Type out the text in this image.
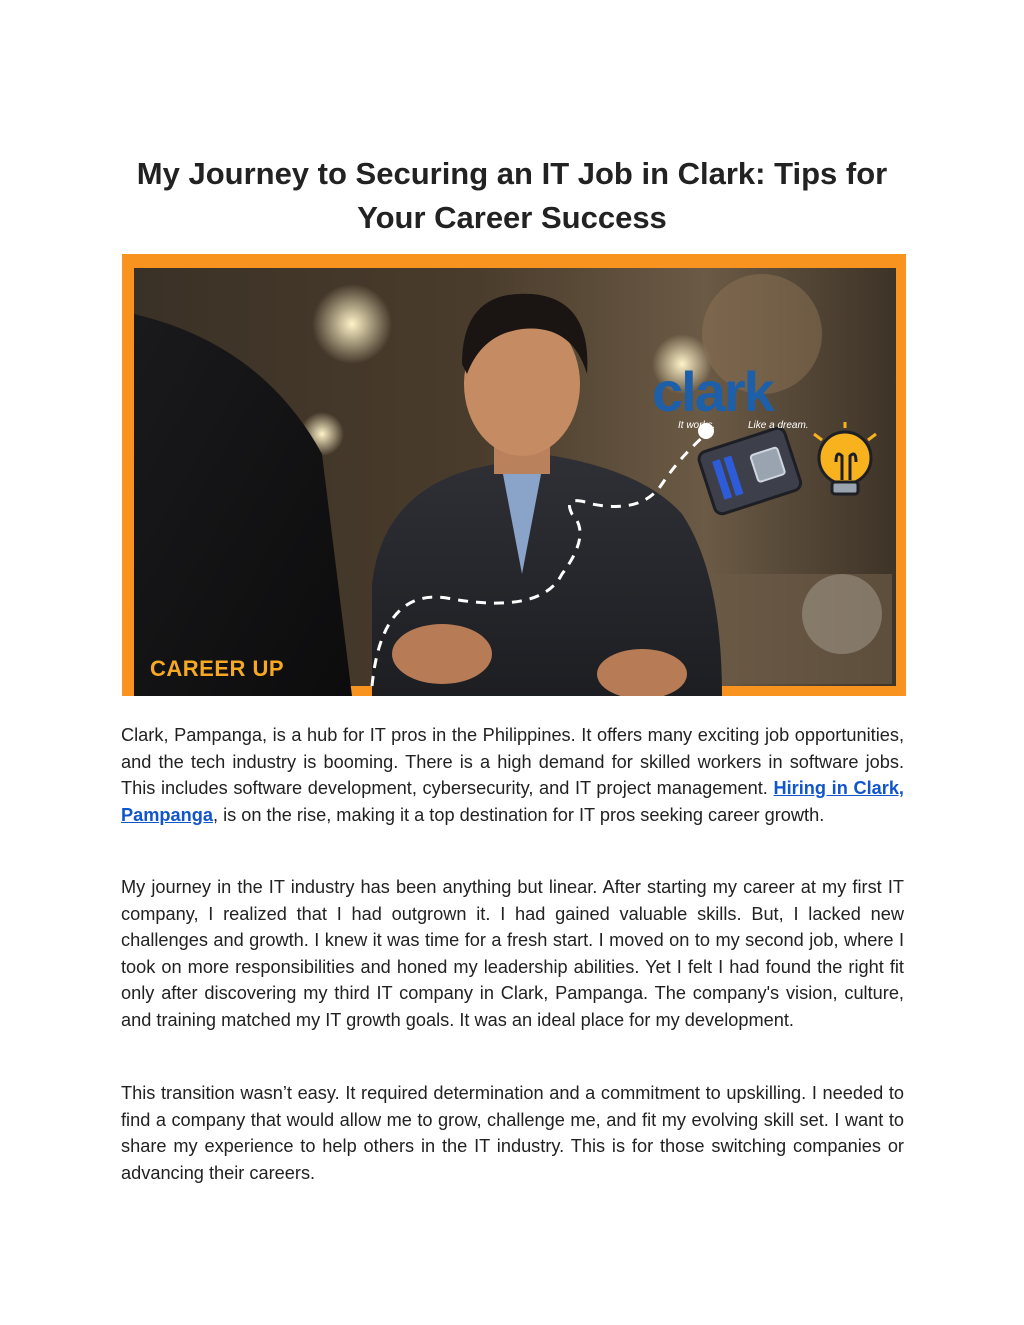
My Journey to Securing an IT Job in Clark: Tips for Your Career Success
clark
It works.	Like a dream.
CAREER UP

Clark, Pampanga, is a hub for IT pros in the Philippines. It offers many exciting job opportunities, and the tech industry is booming. There is a high demand for skilled workers in software jobs. This includes software development, cybersecurity, and IT project management. Hiring in Clark, Pampanga, is on the rise, making it a top destination for IT pros seeking career growth.

My journey in the IT industry has been anything but linear. After starting my career at my first IT company, I realized that I had outgrown it. I had gained valuable skills. But, I lacked new challenges and growth. I knew it was time for a fresh start. I moved on to my second job, where I took on more responsibilities and honed my leadership abilities. Yet I felt I had found the right fit only after discovering my third IT company in Clark, Pampanga. The company's vision, culture, and training matched my IT growth goals. It was an ideal place for my development.

This transition wasn’t easy. It required determination and a commitment to upskilling. I needed to find a company that would allow me to grow, challenge me, and fit my evolving skill set. I want to share my experience to help others in the IT industry. This is for those switching companies or advancing their careers.
